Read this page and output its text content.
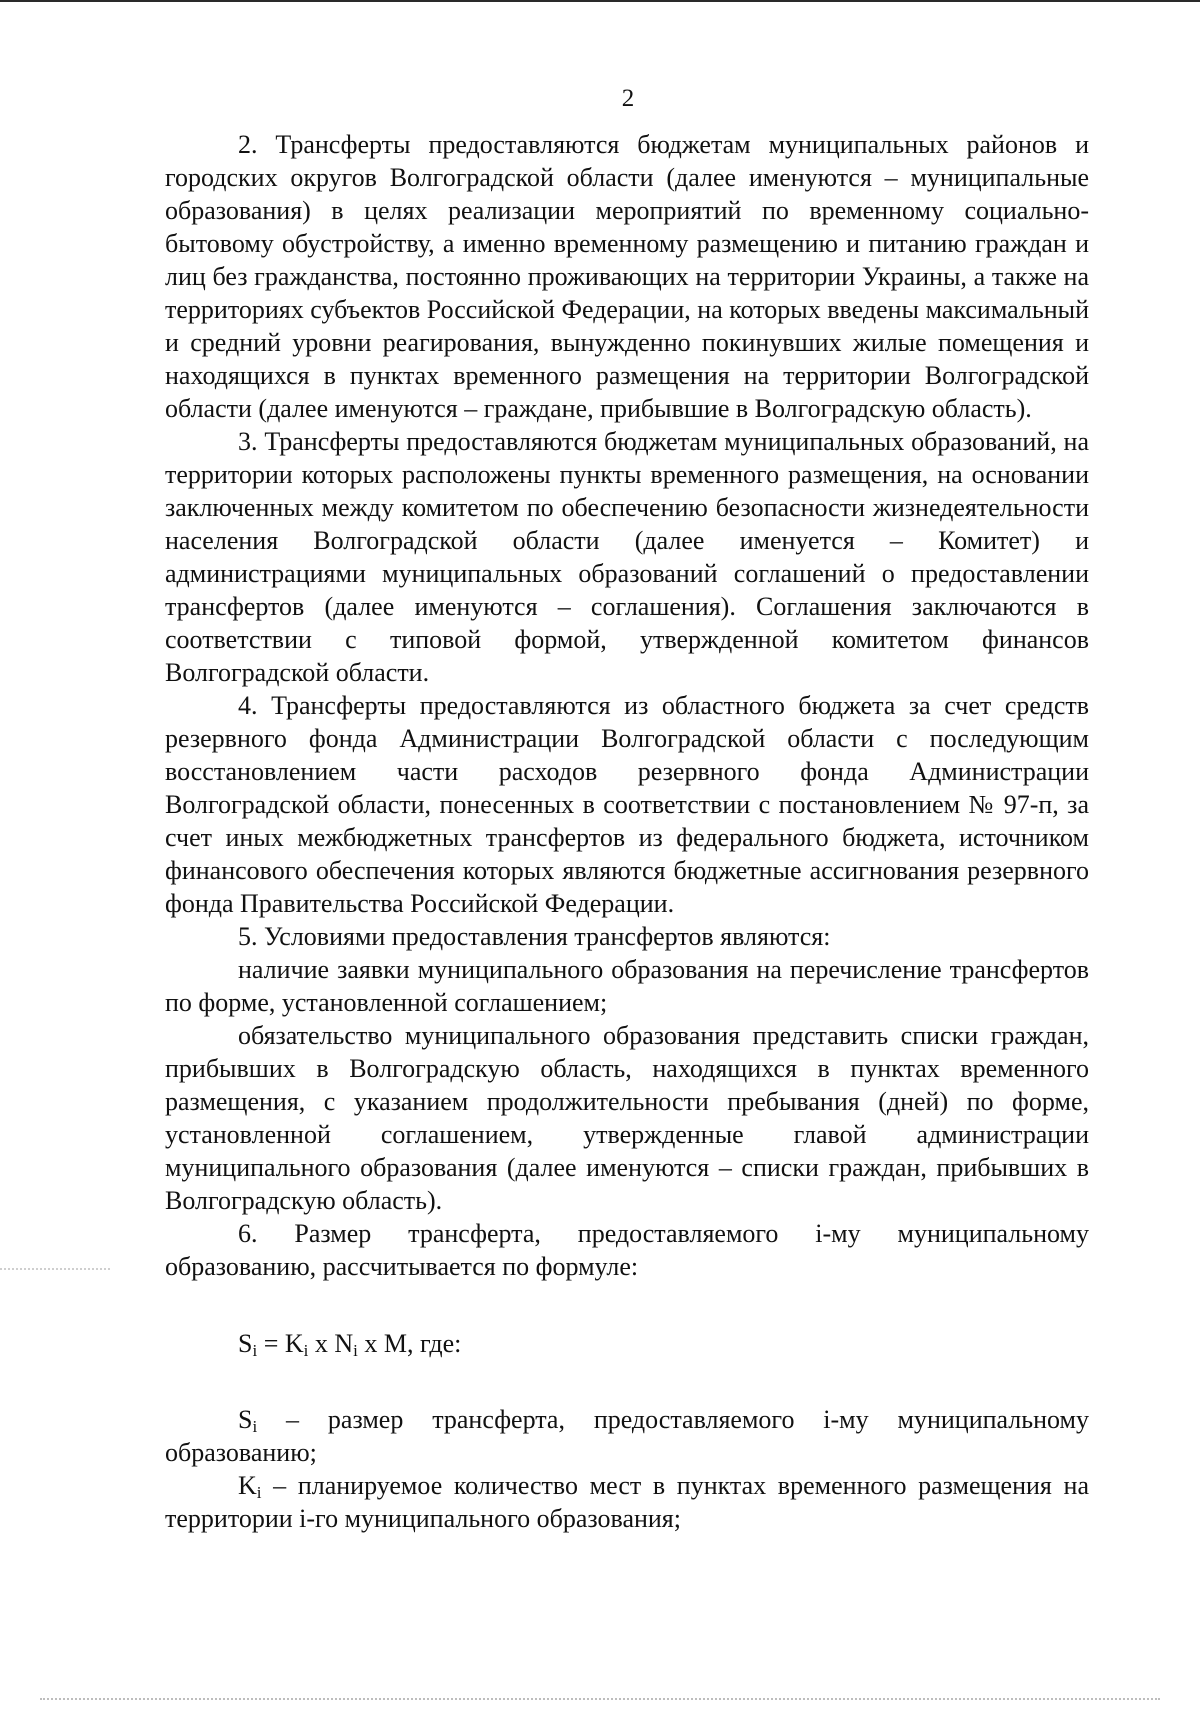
2

2. Трансферты предоставляются бюджетам муниципальных районов и городских округов Волгоградской области (далее именуются – муниципальные образования) в целях реализации мероприятий по временному социально-бытовому обустройству, а именно временному размещению и питанию граждан и лиц без гражданства, постоянно проживающих на территории Украины, а также на территориях субъектов Российской Федерации, на которых введены максимальный и средний уровни реагирования, вынужденно покинувших жилые помещения и находящихся в пунктах временного размещения на территории Волгоградской области (далее именуются – граждане, прибывшие в Волгоградскую область).

3. Трансферты предоставляются бюджетам муниципальных образований, на территории которых расположены пункты временного размещения, на основании заключенных между комитетом по обеспечению безопасности жизнедеятельности населения Волгоградской области (далее именуется – Комитет) и администрациями муниципальных образований соглашений о предоставлении трансфертов (далее именуются – соглашения). Соглашения заключаются в соответствии с типовой формой, утвержденной комитетом финансов Волгоградской области.

4. Трансферты предоставляются из областного бюджета за счет средств резервного фонда Администрации Волгоградской области с последующим восстановлением части расходов резервного фонда Администрации Волгоградской области, понесенных в соответствии с постановлением № 97-п, за счет иных межбюджетных трансфертов из федерального бюджета, источником финансового обеспечения которых являются бюджетные ассигнования резервного фонда Правительства Российской Федерации.

5. Условиями предоставления трансфертов являются:

наличие заявки муниципального образования на перечисление трансфертов по форме, установленной соглашением;

обязательство муниципального образования представить списки граждан, прибывших в Волгоградскую область, находящихся в пунктах временного размещения, с указанием продолжительности пребывания (дней) по форме, установленной соглашением, утвержденные главой администрации муниципального образования (далее именуются – списки граждан, прибывших в Волгоградскую область).

6. Размер трансферта, предоставляемого i-му муниципальному образованию, рассчитывается по формуле:

$S_i = K_i$ x $N_i$ x M, где:

$S_i$ – размер трансферта, предоставляемого i-му муниципальному образованию;

$K_i$ – планируемое количество мест в пунктах временного размещения на территории i-го муниципального образования;
